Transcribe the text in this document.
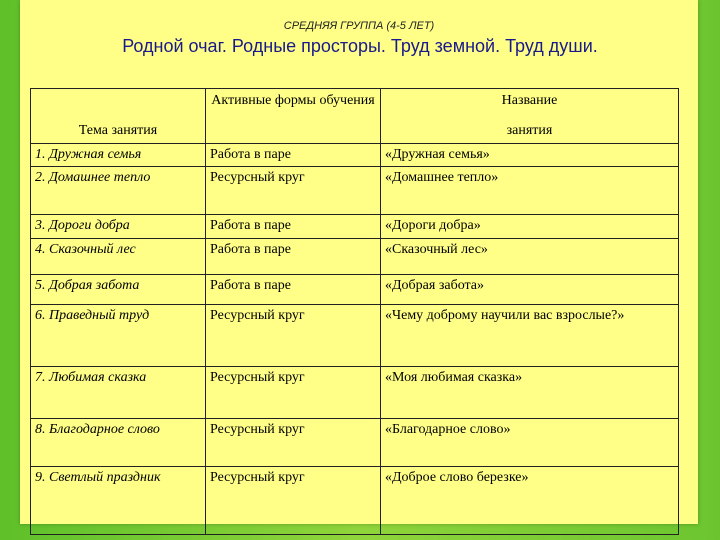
СРЕДНЯЯ ГРУППА (4-5 ЛЕТ)
Родной очаг. Родные просторы. Труд земной. Труд души.
Тема занятия	Активные формы обучения	Название
занятия

1. Дружная семья	Работа в паре	«Дружная семья»
2. Домашнее тепло	Ресурсный круг	«Домашнее тепло»
3. Дороги добра	Работа в паре	«Дороги добра»
4. Сказочный лес	Работа в паре	«Сказочный лес»
5. Добрая забота	Работа в паре	«Добрая забота»
6. Праведный труд	Ресурсный круг	«Чему доброму научили вас взрослые?»
7. Любимая сказка	Ресурсный круг	«Моя любимая сказка»
8. Благодарное слово	Ресурсный круг	«Благодарное слово»
9. Светлый праздник	Ресурсный круг	«Доброе слово березке»
